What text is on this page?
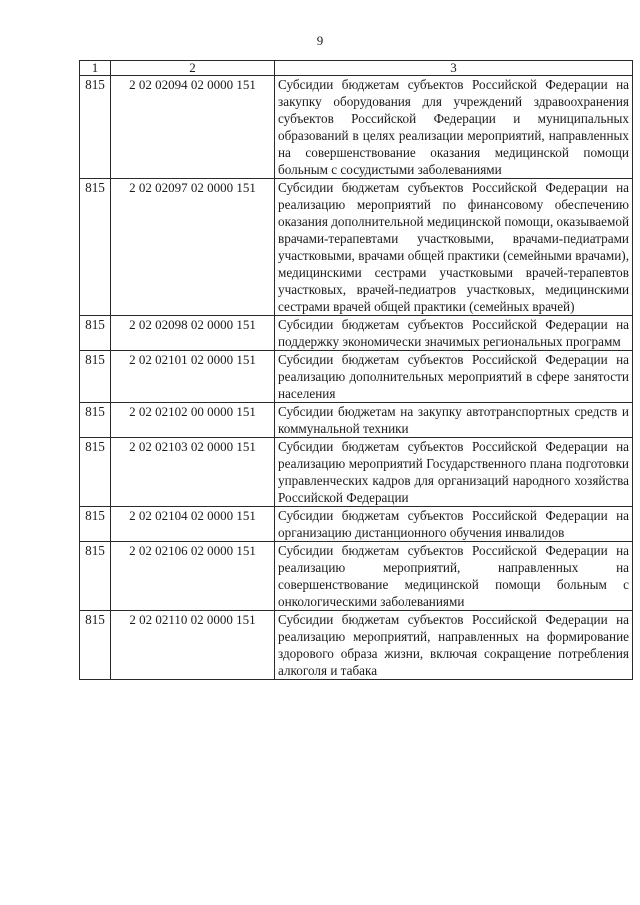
9
1	2	3
815	2 02 02094 02 0000 151	Субсидии бюджетам субъектов Российской Федерации на закупку оборудования для учреждений здравоохранения субъектов Российской Федерации и муниципальных образований в целях реализации мероприятий, направленных на совершенствование оказания медицинской помощи больным с сосудистыми заболеваниями
815	2 02 02097 02 0000 151	Субсидии бюджетам субъектов Российской Федерации на реализацию мероприятий по финансовому обеспечению оказания дополнительной медицинской помощи, оказываемой врачами-терапевтами участковыми, врачами-педиатрами участковыми, врачами общей практики (семейными врачами), медицинскими сестрами участковыми врачей-терапевтов участковых, врачей-педиатров участковых, медицинскими сестрами врачей общей практики (семейных врачей)
815	2 02 02098 02 0000 151	Субсидии бюджетам субъектов Российской Федерации на поддержку экономически значимых региональных программ
815	2 02 02101 02 0000 151	Субсидии бюджетам субъектов Российской Федерации на реализацию дополнительных мероприятий в сфере занятости населения
815	2 02 02102 00 0000 151	Субсидии бюджетам на закупку автотранспортных средств и коммунальной техники
815	2 02 02103 02 0000 151	Субсидии бюджетам субъектов Российской Федерации на реализацию мероприятий Государственного плана подготовки управленческих кадров для организаций народного хозяйства Российской Федерации
815	2 02 02104 02 0000 151	Субсидии бюджетам субъектов Российской Федерации на организацию дистанционного обучения инвалидов
815	2 02 02106 02 0000 151	Субсидии бюджетам субъектов Российской Федерации на реализацию мероприятий, направленных на совершенствование медицинской помощи больным с онкологическими заболеваниями
815	2 02 02110 02 0000 151	Субсидии бюджетам субъектов Российской Федерации на реализацию мероприятий, направленных на формирование здорового образа жизни, включая сокращение потребления алкоголя и табака
